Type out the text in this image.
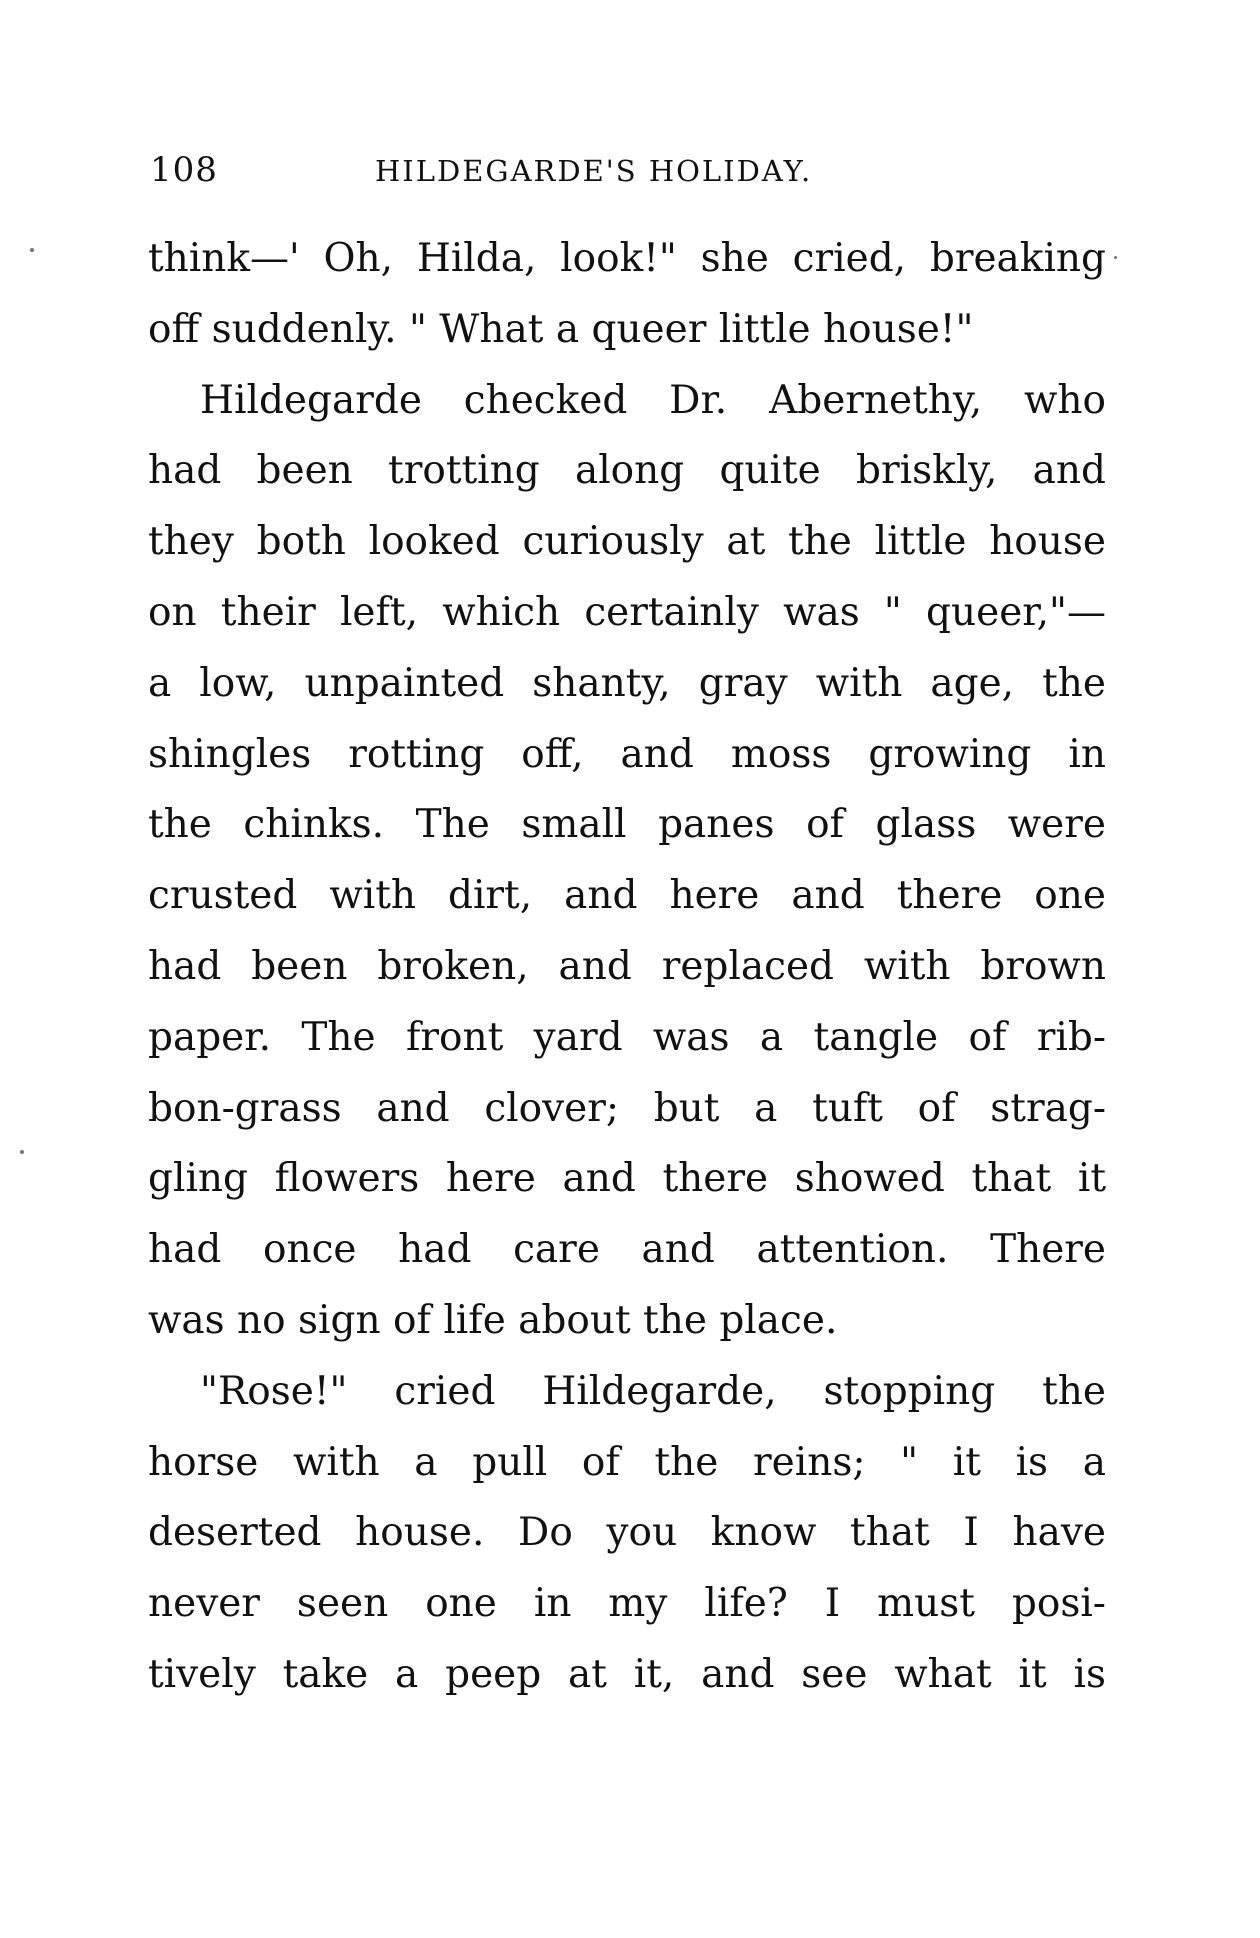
108	HILDEGARDE'S HOLIDAY.
think—' Oh, Hilda, look!" she cried, breaking
off suddenly. " What a queer little house!"
Hildegarde checked Dr. Abernethy, who
had been trotting along quite briskly, and
they both looked curiously at the little house
on their left, which certainly was " queer,"—
a low, unpainted shanty, gray with age, the
shingles rotting off, and moss growing in
the chinks. The small panes of glass were
crusted with dirt, and here and there one
had been broken, and replaced with brown
paper. The front yard was a tangle of rib-
bon-grass and clover; but a tuft of strag-
gling flowers here and there showed that it
had once had care and attention. There
was no sign of life about the place.
"Rose!" cried Hildegarde, stopping the
horse with a pull of the reins; " it is a
deserted house. Do you know that I have
never seen one in my life? I must posi-
tively take a peep at it, and see what it is
